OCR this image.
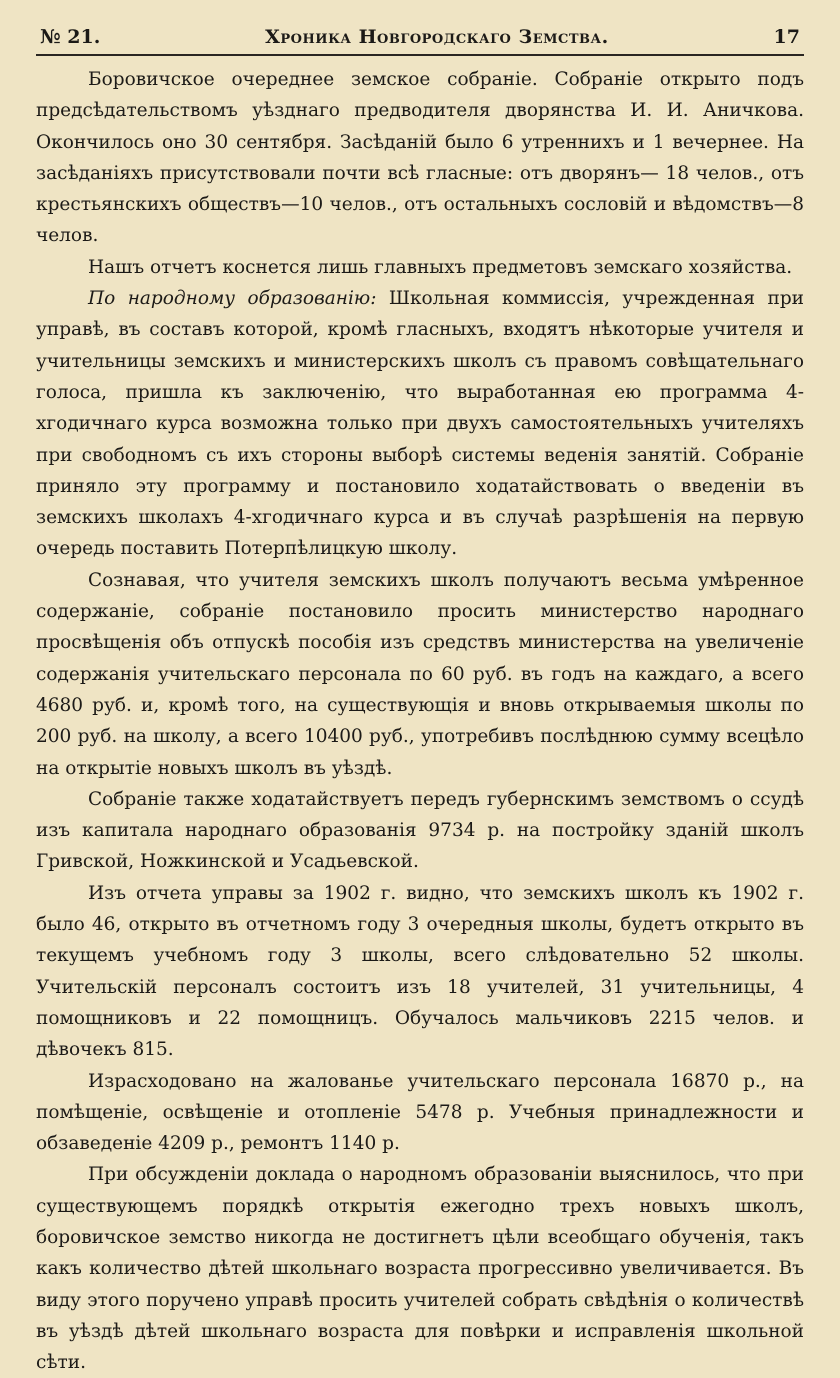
№ 21.	Хроника Новгородскаго Земства.	17

Боровичское очереднее земское собраніе. Собраніе открыто подъ предсѣдательствомъ уѣзднаго предводителя дворянства И. И. Аничкова. Окончилось оно 30 сентября. Засѣданій было 6 утреннихъ и 1 вечернее. На засѣданіяхъ присутствовали почти всѣ гласные: отъ дворянъ— 18 челов., отъ крестьянскихъ обществъ—10 челов., отъ остальныхъ сословій и вѣдомствъ—8 челов.

Нашъ отчетъ коснется лишь главныхъ предметовъ земскаго хозяйства.

По народному образованію: Школьная коммиссія, учрежденная при управѣ, въ составъ которой, кромѣ гласныхъ, входятъ нѣкоторые учителя и учительницы земскихъ и министерскихъ школъ съ правомъ совѣщательнаго голоса, пришла къ заключенію, что выработанная ею программа 4-хгодичнаго курса возможна только при двухъ самостоятельныхъ учителяхъ при свободномъ съ ихъ стороны выборѣ системы веденія занятій. Собраніе приняло эту программу и постановило ходатайствовать о введеніи въ земскихъ школахъ 4-хгодичнаго курса и въ случаѣ разрѣшенія на первую очередь поставить Потерпѣлицкую школу.

Сознавая, что учителя земскихъ школъ получаютъ весьма умѣренное содержаніе, собраніе постановило просить министерство народнаго просвѣщенія объ отпускѣ пособія изъ средствъ министерства на увеличеніе содержанія учительскаго персонала по 60 руб. въ годъ на каждаго, а всего 4680 руб. и, кромѣ того, на существующія и вновь открываемыя школы по 200 руб. на школу, а всего 10400 руб., употребивъ послѣднюю сумму всецѣло на открытіе новыхъ школъ въ уѣздѣ.

Собраніе также ходатайствуетъ передъ губернскимъ земствомъ о ссудѣ изъ капитала народнаго образованія 9734 р. на постройку зданій школъ Гривской, Ножкинской и Усадьевской.

Изъ отчета управы за 1902 г. видно, что земскихъ школъ къ 1902 г. было 46, открыто въ отчетномъ году 3 очередныя школы, будетъ открыто въ текущемъ учебномъ году 3 школы, всего слѣдовательно 52 школы. Учительскій персоналъ состоитъ изъ 18 учителей, 31 учительницы, 4 помощниковъ и 22 помощницъ. Обучалось мальчиковъ 2215 челов. и дѣвочекъ 815.

Израсходовано на жалованье учительскаго персонала 16870 р., на помѣщеніе, освѣщеніе и отопленіе 5478 р. Учебныя принадлежности и обзаведеніе 4209 р., ремонтъ 1140 р.

При обсужденіи доклада о народномъ образованіи выяснилось, что при существующемъ порядкѣ открытія ежегодно трехъ новыхъ школъ, боровичское земство никогда не достигнетъ цѣли всеобщаго обученія, такъ какъ количество дѣтей школьнаго возраста прогрессивно увеличивается. Въ виду этого поручено управѣ просить учителей собрать свѣдѣнія о количествѣ въ уѣздѣ дѣтей школьнаго возраста для повѣрки и исправленія школьной сѣти.
